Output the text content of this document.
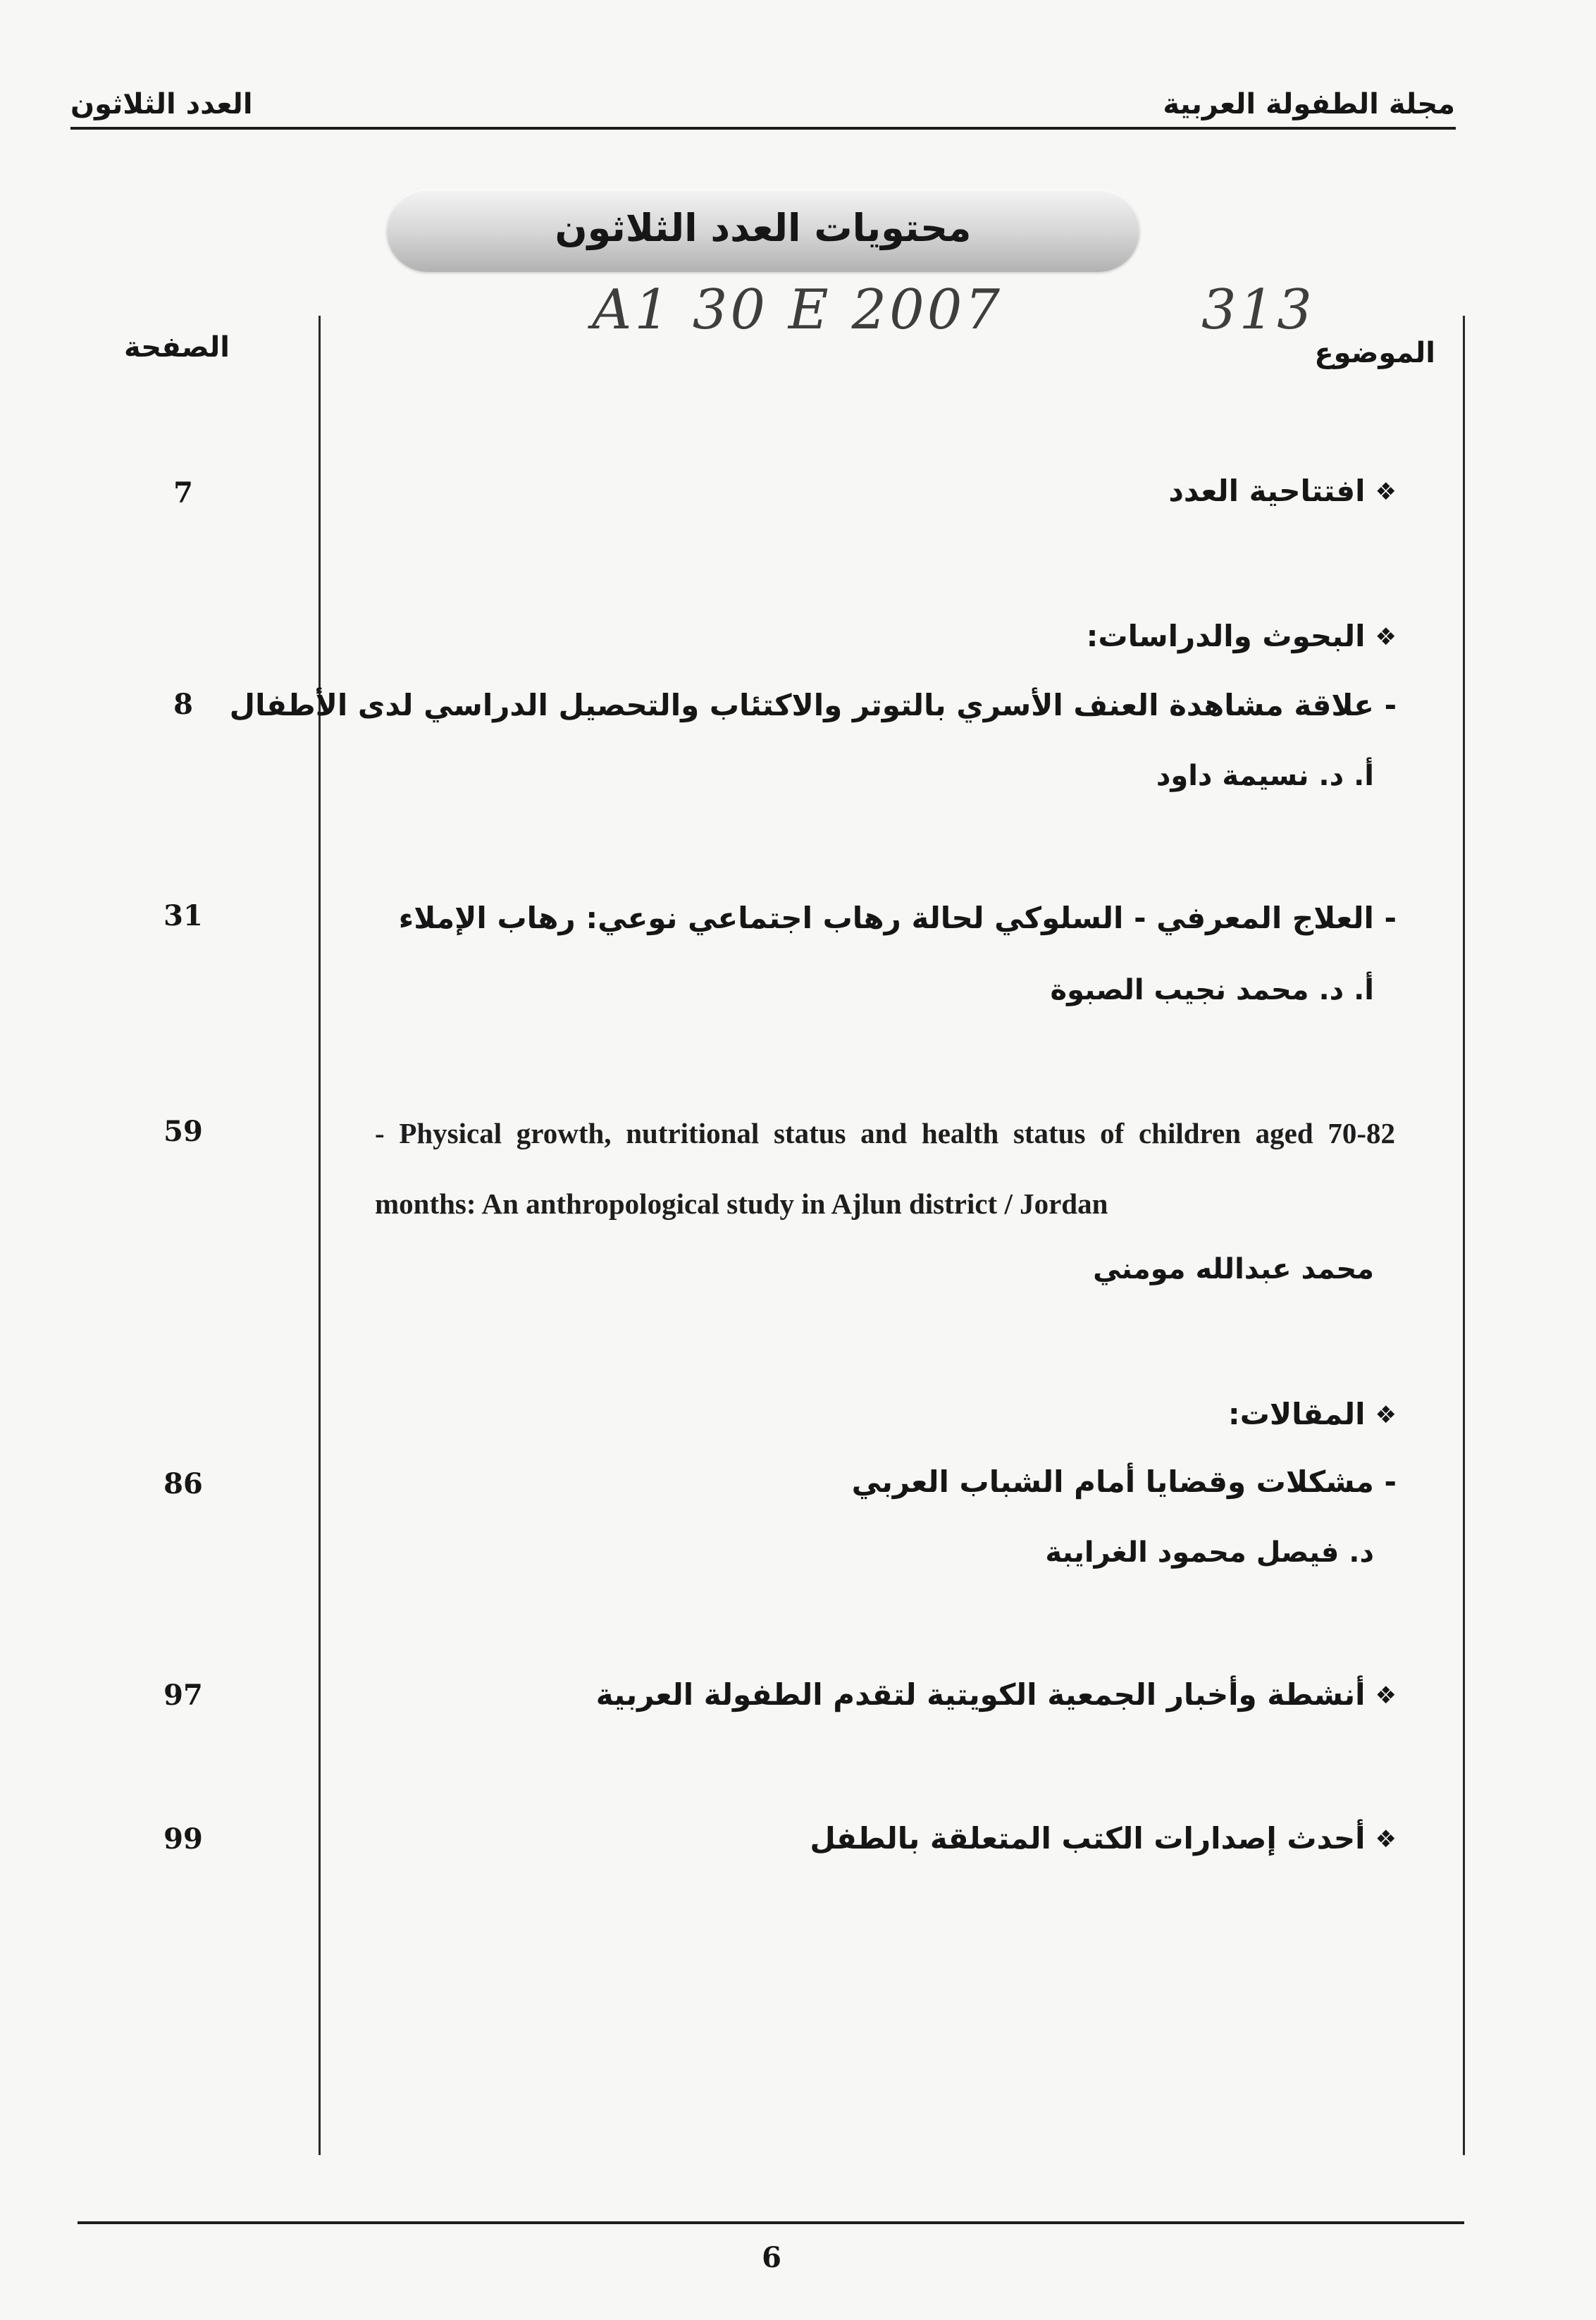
مجلة الطفولة العربية
العدد الثلاثون
محتويات العدد الثلاثون
A1 30 E 2007	313
الموضوع
الصفحة
❖افتتاحية العدد
7
❖البحوث والدراسات:
- علاقة مشاهدة العنف الأسري بالتوتر والاكتئاب والتحصيل الدراسي لدى الأطفال
8
أ. د. نسيمة داود
- العلاج المعرفي - السلوكي لحالة رهاب اجتماعي نوعي: رهاب الإملاء
31
أ. د. محمد نجيب الصبوة
- Physical growth, nutritional status and health status of children aged 70-82 months: An anthropological study in Ajlun district / Jordan
59
محمد عبدالله مومني
❖المقالات:
- مشكلات وقضايا أمام الشباب العربي
86
د. فيصل محمود الغرايبة
❖أنشطة وأخبار الجمعية الكويتية لتقدم الطفولة العربية
97
❖أحدث إصدارات الكتب المتعلقة بالطفل
99
6
